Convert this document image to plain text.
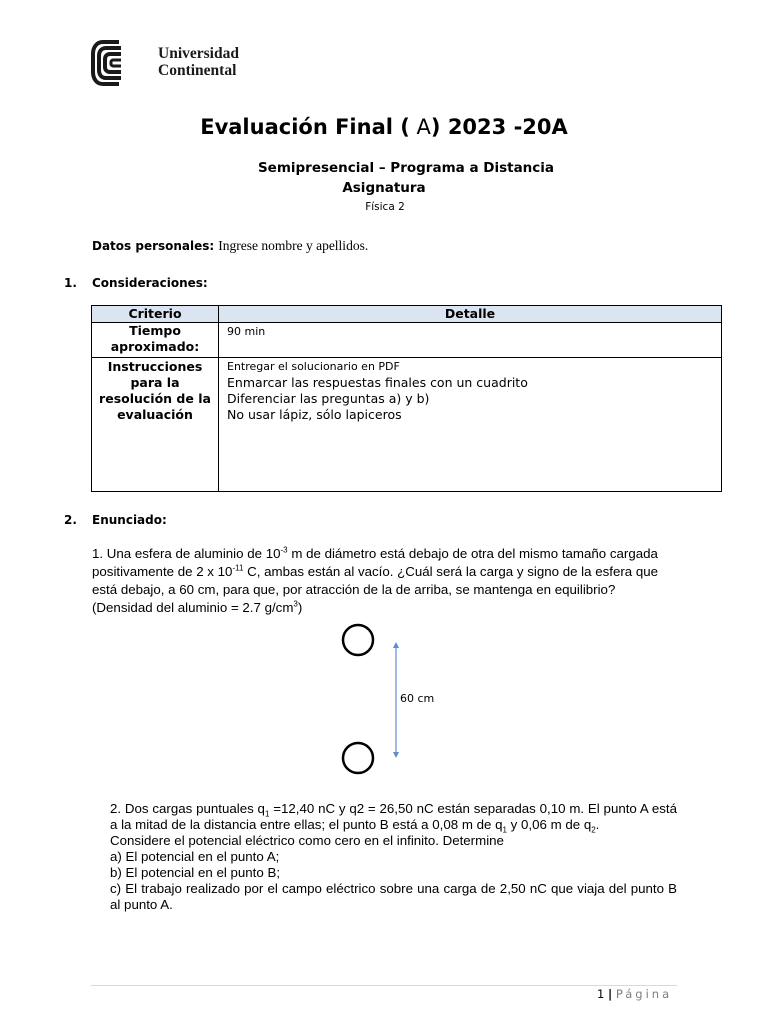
Universidad
Continental
Evaluación Final ( A) 2023 -20A
Semipresencial – Programa a Distancia
Asignatura
Física 2
Datos personales: Ingrese nombre y apellidos.
1. Consideraciones:
Criterio	Detalle
Tiempo aproximado:	90 min
Instrucciones para la resolución de la evaluación	Entregar el solucionario en PDF
Enmarcar las respuestas finales con un cuadrito
Diferenciar las preguntas a) y b)
No usar lápiz, sólo lapiceros
2. Enunciado:
1. Una esfera de aluminio de $10^{-3}$ m de diámetro está debajo de otra del mismo tamaño cargada positivamente de 2 x $10^{-11}$ C, ambas están al vacío. ¿Cuál será la carga y signo de la esfera que está debajo, a 60 cm, para que, por atracción de la de arriba, se mantenga en equilibrio? (Densidad del aluminio = 2.7 $g/cm^3$)
60 cm
2. Dos cargas puntuales $q_1 =12,40$ nC y q2 = 26,50 nC están separadas 0,10 m. El punto A está a la mitad de la distancia entre ellas; el punto B está a 0,08 m de $q_1$ y 0,06 m de $q_2$.
Considere el potencial eléctrico como cero en el infinito. Determine
a) El potencial en el punto A;
b) El potencial en el punto B;
c) El trabajo realizado por el campo eléctrico sobre una carga de 2,50 nC que viaja del punto B al punto A.
1 | Página
